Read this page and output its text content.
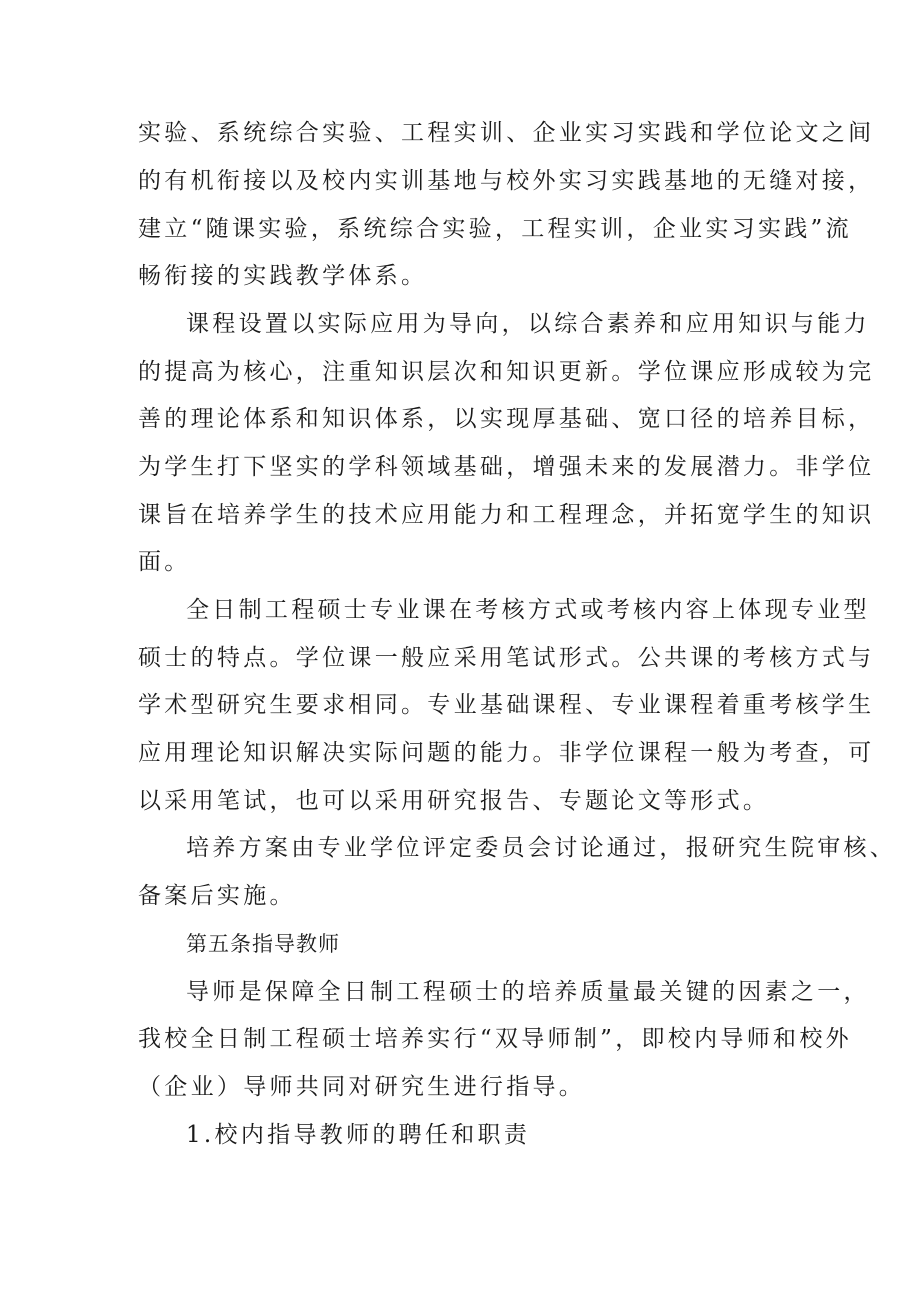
实验、系统综合实验、工程实训、企业实习实践和学位论文之间
的有机衔接以及校内实训基地与校外实习实践基地的无缝对接，
建立“随课实验，系统综合实验，工程实训，企业实习实践”流
畅衔接的实践教学体系。
课程设置以实际应用为导向，以综合素养和应用知识与能力
的提高为核心，注重知识层次和知识更新。学位课应形成较为完
善的理论体系和知识体系，以实现厚基础、宽口径的培养目标，
为学生打下坚实的学科领域基础，增强未来的发展潜力。非学位
课旨在培养学生的技术应用能力和工程理念，并拓宽学生的知识
面。
全日制工程硕士专业课在考核方式或考核内容上体现专业型
硕士的特点。学位课一般应采用笔试形式。公共课的考核方式与
学术型研究生要求相同。专业基础课程、专业课程着重考核学生
应用理论知识解决实际问题的能力。非学位课程一般为考查，可
以采用笔试，也可以采用研究报告、专题论文等形式。
培养方案由专业学位评定委员会讨论通过，报研究生院审核、
备案后实施。
第五条指导教师
导师是保障全日制工程硕士的培养质量最关键的因素之一，
我校全日制工程硕士培养实行“双导师制”，即校内导师和校外
（企业）导师共同对研究生进行指导。
1.校内指导教师的聘任和职责
